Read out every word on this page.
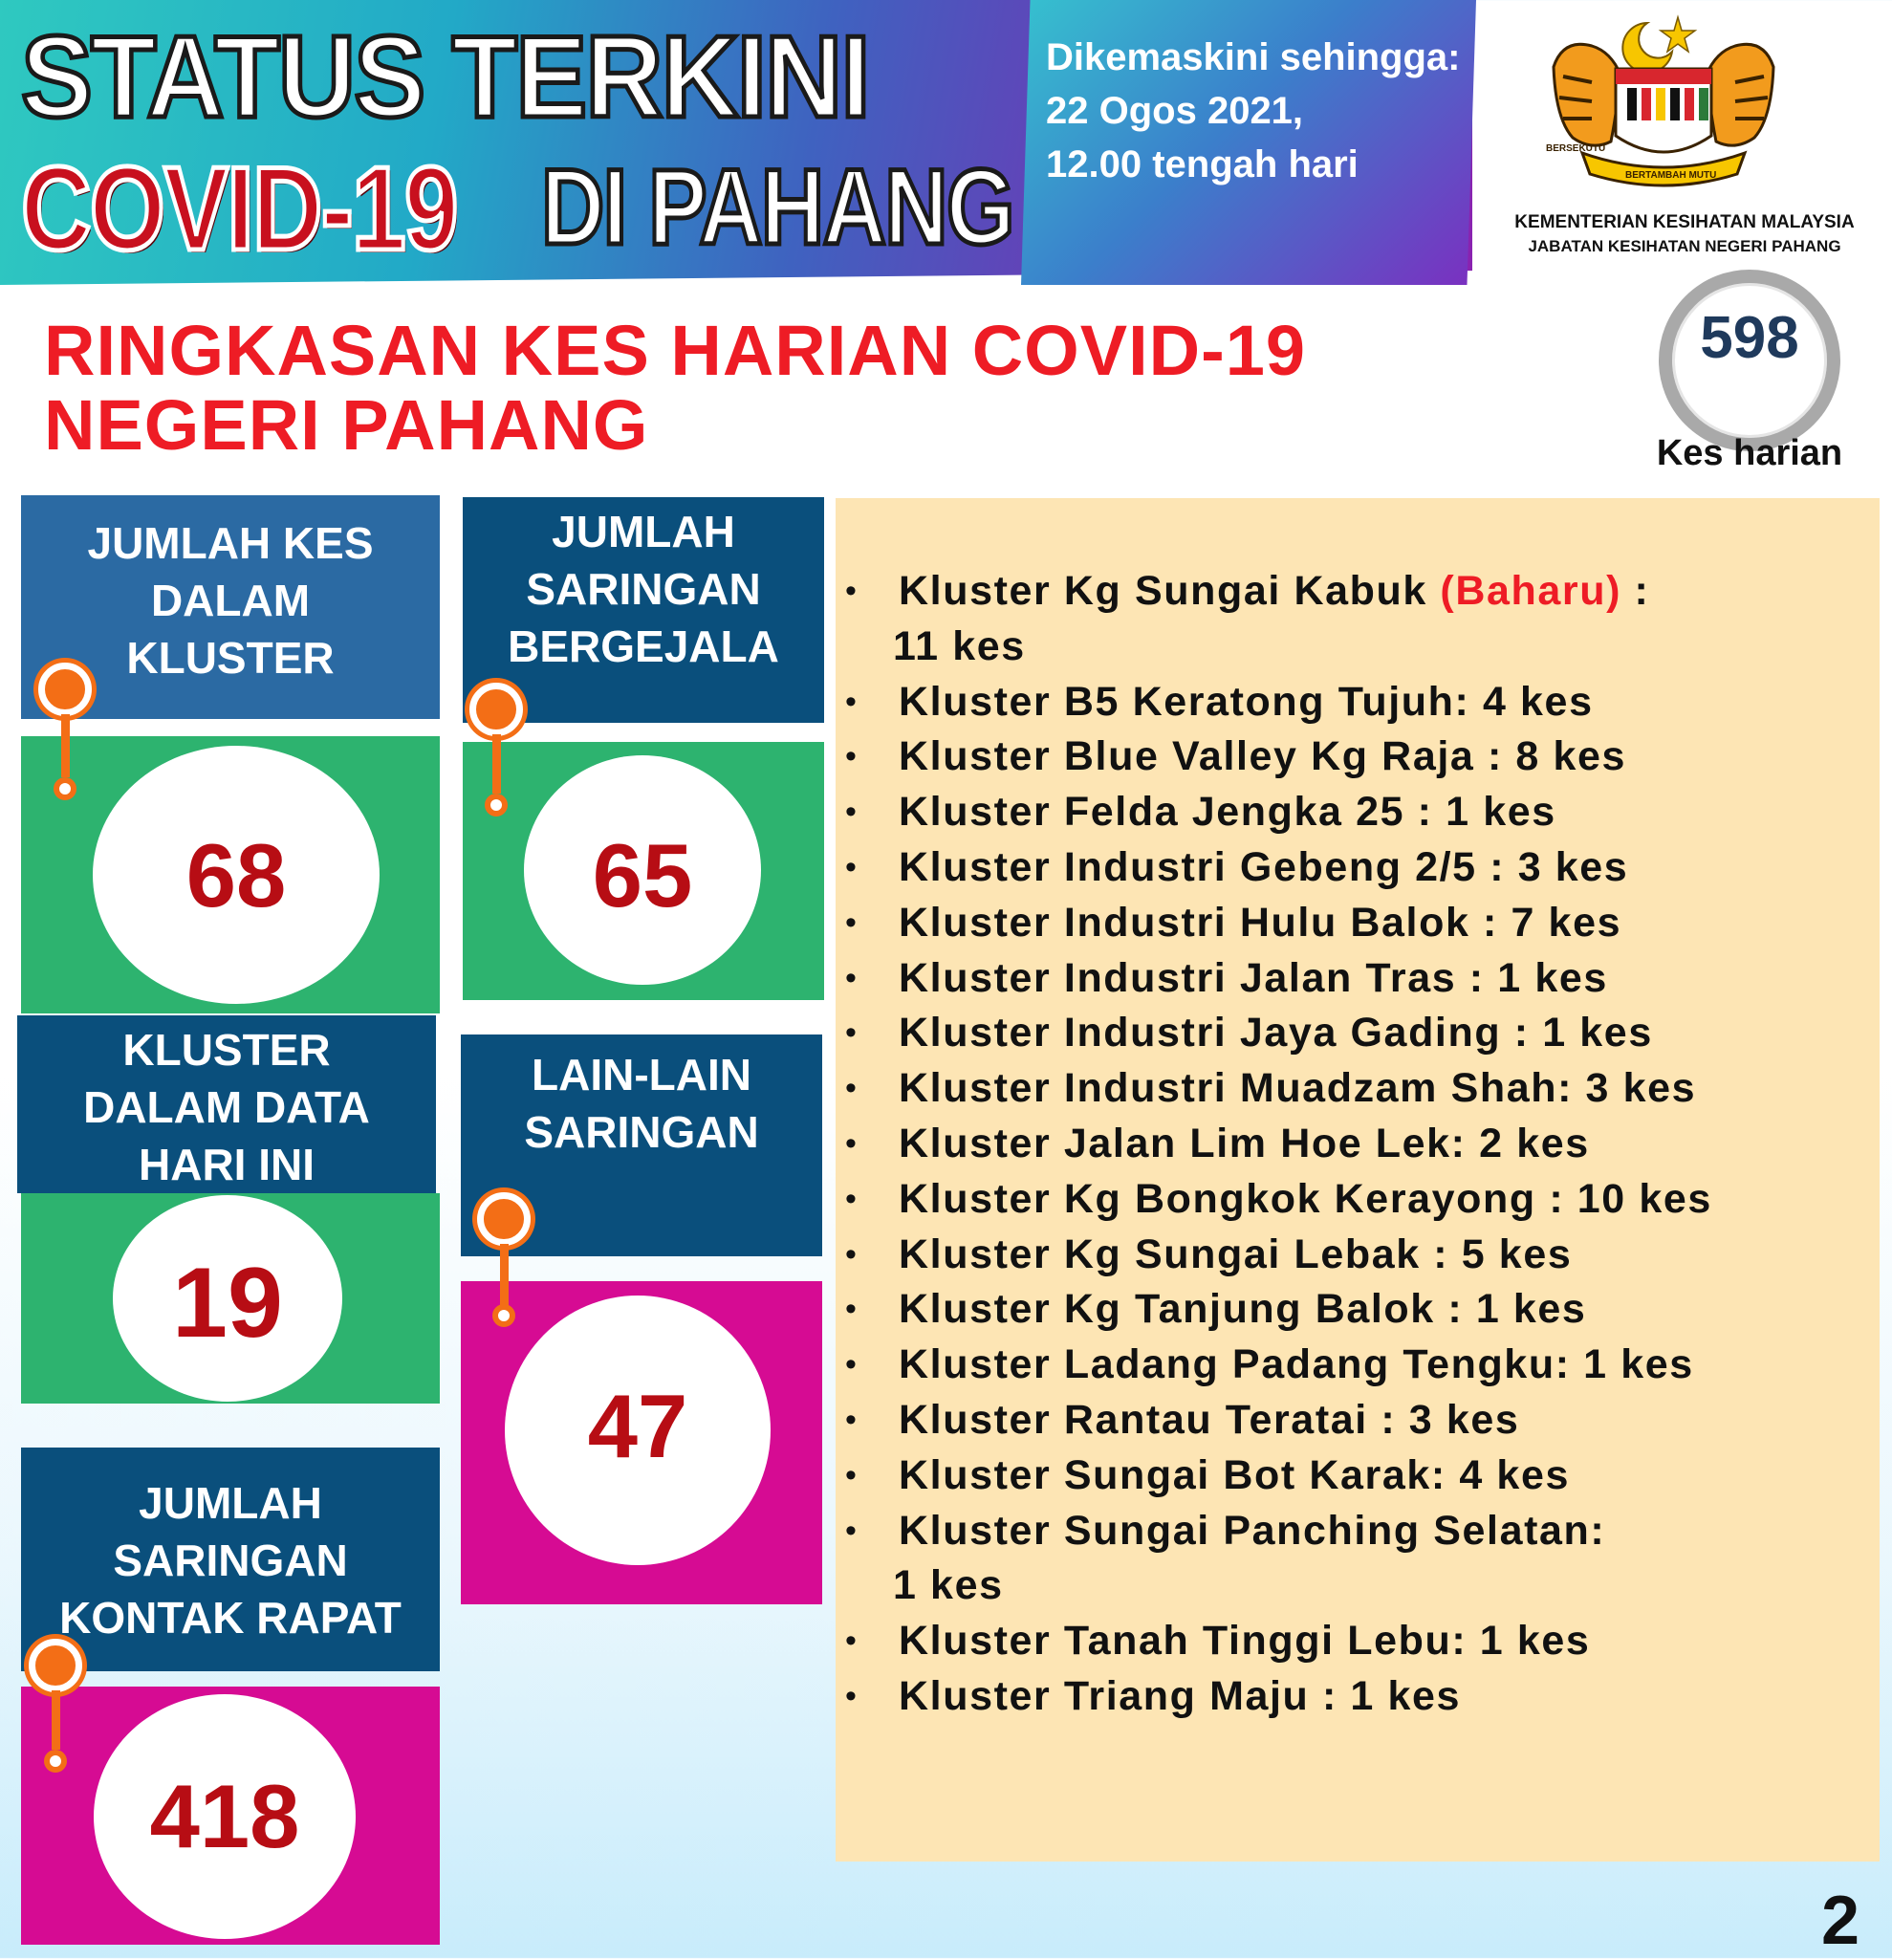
STATUS TERKINI
COVID-19 DI PAHANG
Dikemaskini sehingga:
22 Ogos 2021,
12.00 tengah hari	BERSEKUTU
BERTAMBAH MUTU
KEMENTERIAN KESIHATAN MALAYSIA
JABATAN KESIHATAN NEGERI PAHANG
RINGKASAN KES HARIAN COVID-19
NEGERI PAHANG
598
Kes harian
JUMLAH KES
DALAM
KLUSTER
68
JUMLAH
SARINGAN
BERGEJALA
65
KLUSTER
DALAM DATA
HARI INI
19
LAIN-LAIN
SARINGAN
47
JUMLAH
SARINGAN
KONTAK RAPAT
418
• Kluster Kg Sungai Kabuk (Baharu) :
11 kes
• Kluster B5 Keratong Tujuh: 4 kes
• Kluster Blue Valley Kg Raja : 8 kes
• Kluster Felda Jengka 25 : 1 kes
• Kluster Industri Gebeng 2/5 : 3 kes
• Kluster Industri Hulu Balok : 7 kes
• Kluster Industri Jalan Tras : 1 kes
• Kluster Industri Jaya Gading : 1 kes
• Kluster Industri Muadzam Shah: 3 kes
• Kluster Jalan Lim Hoe Lek: 2 kes
• Kluster Kg Bongkok Kerayong : 10 kes
• Kluster Kg Sungai Lebak : 5 kes
• Kluster Kg Tanjung Balok : 1 kes
• Kluster Ladang Padang Tengku: 1 kes
• Kluster Rantau Teratai : 3 kes
• Kluster Sungai Bot Karak: 4 kes
• Kluster Sungai Panching Selatan:
1 kes
• Kluster Tanah Tinggi Lebu: 1 kes
• Kluster Triang Maju : 1 kes
2
